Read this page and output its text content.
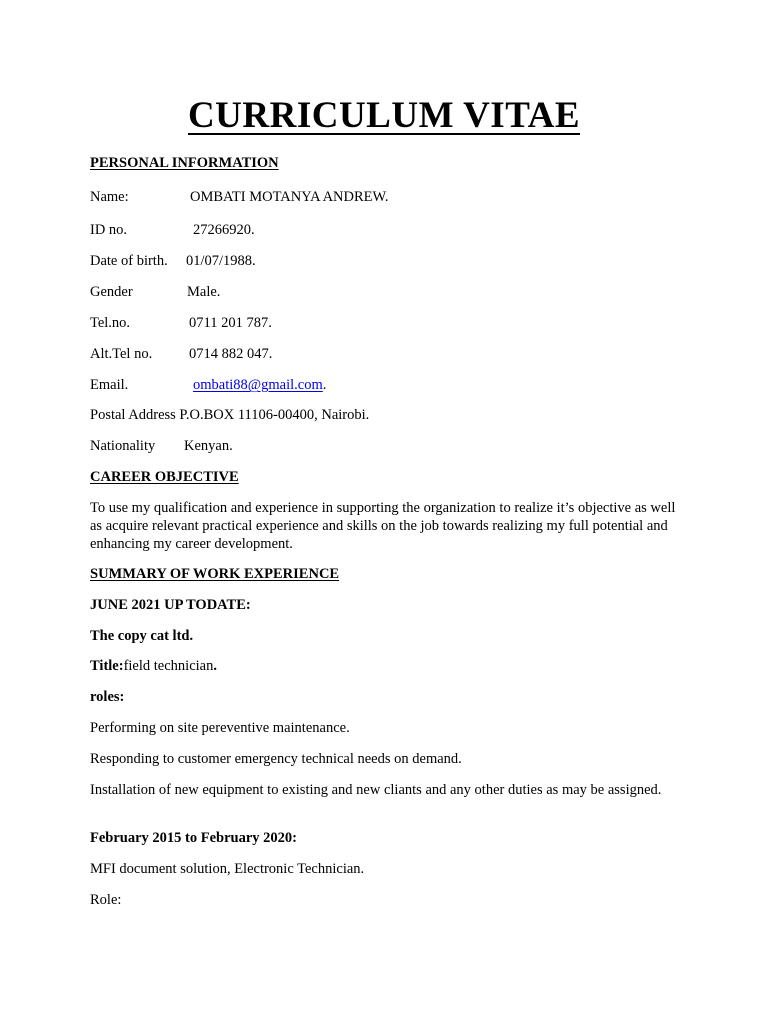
CURRICULUM VITAE
PERSONAL INFORMATION
Name:	OMBATI MOTANYA ANDREW.
ID no.	27266920.
Date of birth. 01/07/1988.
Gender	Male.
Tel.no.	0711 201 787.
Alt.Tel no.	0714 882 047.
Email.	ombati88@gmail.com.
Postal Address P.O.BOX 11106-00400, Nairobi.
Nationality Kenyan.
CAREER OBJECTIVE
To use my qualification and experience in supporting the organization to realize it’s objective as well as acquire relevant practical experience and skills on the job towards realizing my full potential and enhancing my career development.
SUMMARY OF WORK EXPERIENCE
JUNE 2021 UP TODATE:
The copy cat ltd.
Title:field technician.
roles:
Performing on site pereventive maintenance.
Responding to customer emergency technical needs on demand.
Installation of new equipment to existing and new cliants and any other duties as may be assigned.
February 2015 to February 2020:
MFI document solution, Electronic Technician.
Role:
